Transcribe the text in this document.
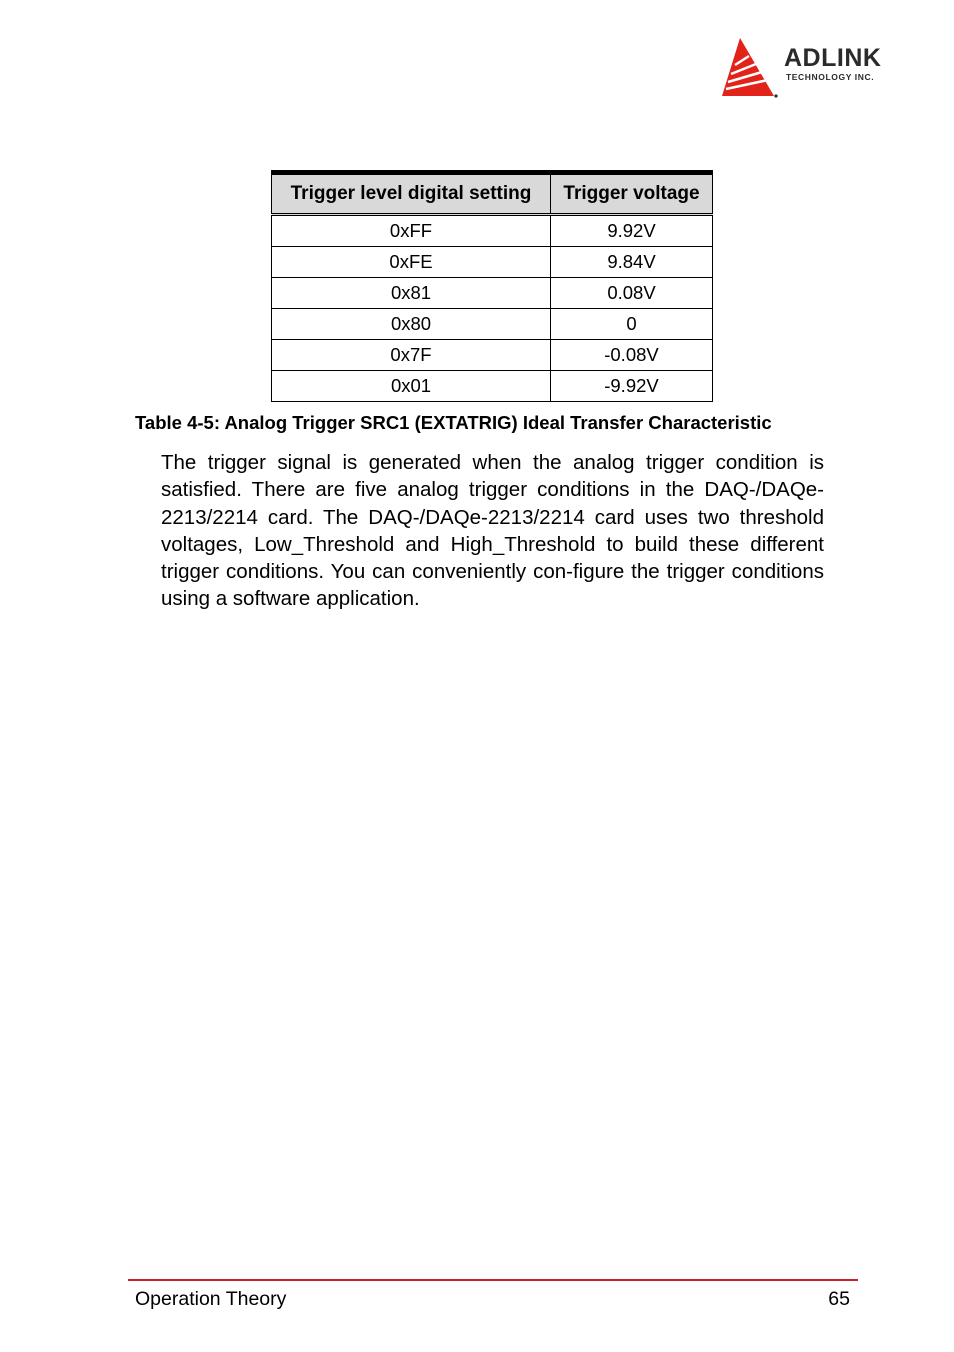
ADLINK
TECHNOLOGY INC.
Trigger level digital setting	Trigger voltage
0xFF	9.92V
0xFE	9.84V
0x81	0.08V
0x80	0
0x7F	-0.08V
0x01	-9.92V
Table 4-5: Analog Trigger SRC1 (EXTATRIG) Ideal Transfer Characteristic

The trigger signal is generated when the analog trigger condition is satisfied. There are five analog trigger conditions in the DAQ-/DAQe-2213/2214 card. The DAQ-/DAQe-2213/2214 card uses two threshold voltages, Low_Threshold and High_Threshold to build these different trigger conditions. You can conveniently con-figure the trigger conditions using a software application.

Operation Theory	65
